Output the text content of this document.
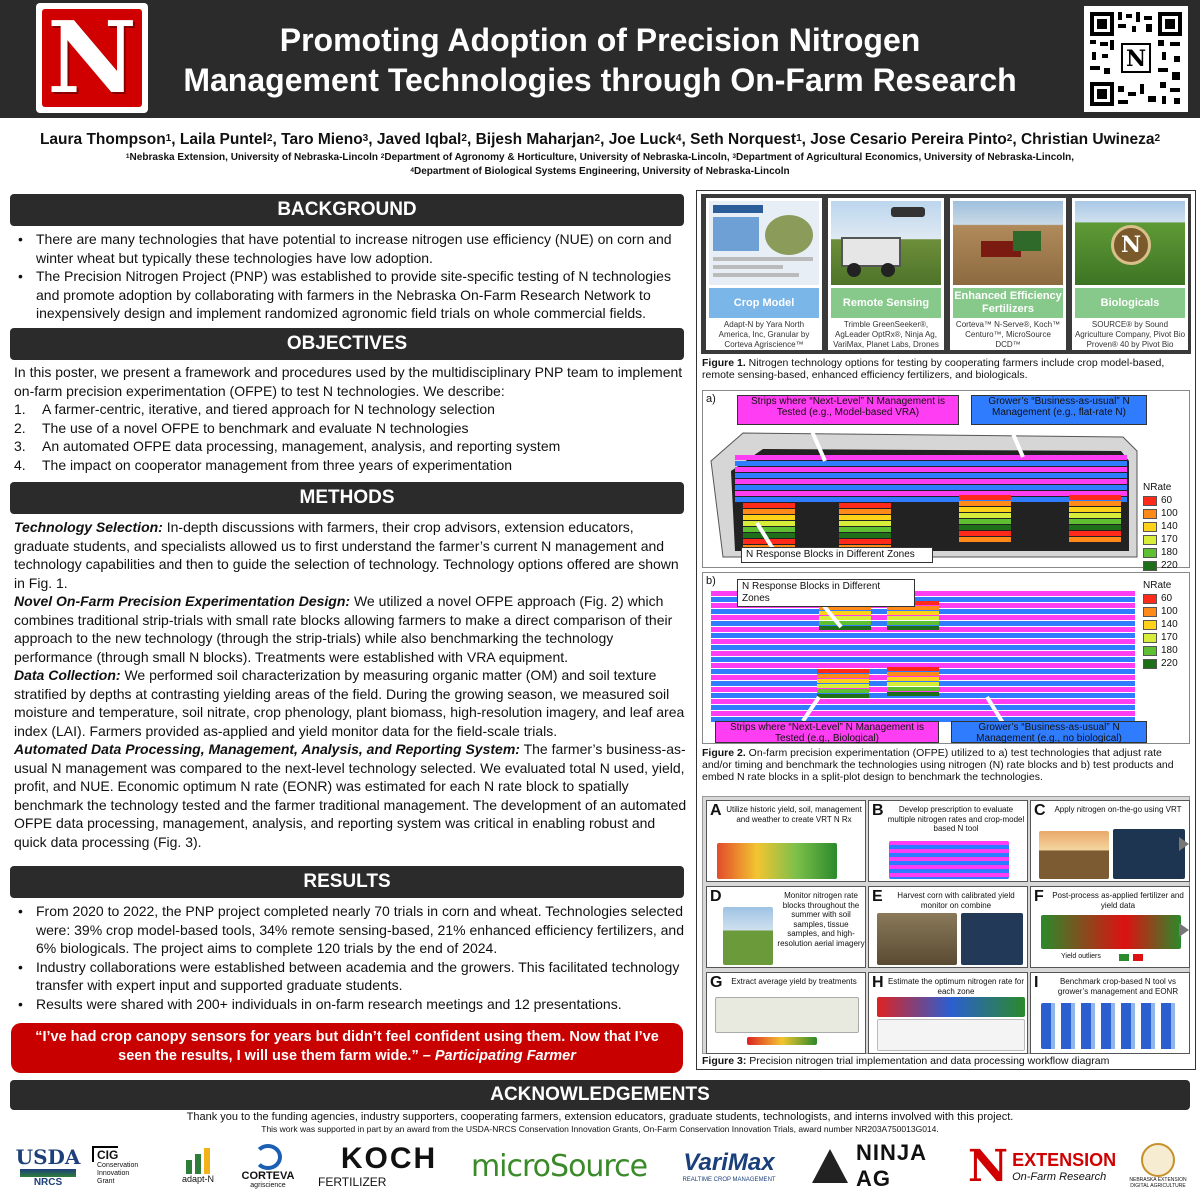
N	Promoting Adoption of Precision Nitrogen Management Technologies through On-Farm Research
N
Laura Thompson$^1$, Laila Puntel$^2$, Taro Mieno$^3$, Javed Iqbal$^2$, Bijesh Maharjan$^2$, Joe Luck$^4$, Seth Norquest$^1$, Jose Cesario Pereira Pinto$^2$, Christian Uwineza$^2$
$^1$Nebraska Extension, University of Nebraska-Lincoln $^2$Department of Agronomy & Horticulture, University of Nebraska-Lincoln, $^3$Department of Agricultural Economics, University of Nebraska-Lincoln,
$^4$Department of Biological Systems Engineering, University of Nebraska-Lincoln
BACKGROUND
• There are many technologies that have potential to increase nitrogen use efficiency (NUE) on corn and winter wheat but typically these technologies have low adoption.
• The Precision Nitrogen Project (PNP) was established to provide site-specific testing of N technologies and promote adoption by collaborating with farmers in the Nebraska On-Farm Research Network to inexpensively design and implement randomized agronomic field trials on whole commercial fields.
OBJECTIVES

In this poster, we present a framework and procedures used by the multidisciplinary PNP team to implement on-farm precision experimentation (OFPE) to test N technologies. We describe:

1. A farmer-centric, iterative, and tiered approach for N technology selection
2. The use of a novel OFPE to benchmark and evaluate N technologies
3. An automated OFPE data processing, management, analysis, and reporting system
4. The impact on cooperator management from three years of experimentation
METHODS

Technology Selection: In-depth discussions with farmers, their crop advisors, extension educators, graduate students, and specialists allowed us to first understand the farmer’s current N management and technology capabilities and then to guide the selection of technology. Technology options offered are shown in Fig. 1.

Novel On-Farm Precision Experimentation Design: We utilized a novel OFPE approach (Fig. 2) which combines traditional strip-trials with small rate blocks allowing farmers to make a direct comparison of their approach to the new technology (through the strip-trials) while also benchmarking the technology performance (through small N blocks). Treatments were established with VRA equipment.

Data Collection: We performed soil characterization by measuring organic matter (OM) and soil texture stratified by depths at contrasting yielding areas of the field. During the growing season, we measured soil moisture and temperature, soil nitrate, crop phenology, plant biomass, high-resolution imagery, and leaf area index (LAI). Farmers provided as-applied and yield monitor data for the field-scale trials.

Automated Data Processing, Management, Analysis, and Reporting System: The farmer’s business-as-usual N management was compared to the next-level technology selected. We evaluated total N used, yield, profit, and NUE. Economic optimum N rate (EONR) was estimated for each N rate block to spatially benchmark the technology tested and the farmer traditional management. The development of an automated OFPE data processing, management, analysis, and reporting system was critical in enabling robust and quick data processing (Fig. 3).

RESULTS
• From 2020 to 2022, the PNP project completed nearly 70 trials in corn and wheat. Technologies selected were: 39% crop model-based tools, 34% remote sensing-based, 21% enhanced efficiency fertilizers, and 6% biologicals. The project aims to complete 120 trials by the end of 2024.
• Industry collaborations were established between academia and the growers. This facilitated technology transfer with expert input and supported graduate students.
• Results were shared with 200+ individuals in on-farm research meetings and 12 presentations.
“I’ve had crop canopy sensors for years but didn’t feel confident using them. Now that I’ve seen the results, I will use them farm wide.” – Participating Farmer
Crop Model
Adapt-N by Yara North America, Inc, Granular by Corteva Agriscience™
Remote Sensing
Trimble GreenSeeker®, AgLeader OptRx®, Ninja Ag, VariMax, Planet Labs, Drones
Enhanced Efficiency Fertilizers
Corteva™ N-Serve®, Koch™ Centuro™, MicroSource DCD™
N
Biologicals
SOURCE® by Sound Agriculture Company, Pivot Bio Proven® 40 by Pivot Bio
Figure 1. Nitrogen technology options for testing by cooperating farmers include crop model-based, remote sensing-based, enhanced efficiency fertilizers, and biologicals.
a)	Strips where “Next-Level” N Management is Tested (e.g., Model-based VRA)
Grower’s “Business-as-usual” N Management (e.g., flat-rate N)
N Response Blocks in Different Zones
NRate
60
100
140
170
180
220
b)	N Response Blocks in Different Zones
Strips where “Next-Level” N Management is Tested (e.g., Biological)
Grower’s “Business-as-usual” N Management (e.g., no biological)
NRate
60
100
140
170
180
220
Figure 2. On-farm precision experimentation (OFPE) utilized to a) test technologies that adjust rate and/or timing and benchmark the technologies using nitrogen (N) rate blocks and b) test products and embed N rate blocks in a split-plot design to benchmark the technologies.
A Utilize historic yield, soil, management and weather to create VRT N Rx	B	Develop prescription to evaluate multiple nitrogen rates and crop-model based N tool
C	Apply nitrogen on-the-go using VRT
D	Monitor nitrogen rate blocks throughout the summer with soil samples, tissue samples, and high-resolution aerial imagery
E	Harvest corn with calibrated yield monitor on combine	F	Post-process as-applied fertilizer and yield data
Yield outliers
G	Extract average yield by treatments H Estimate the optimum nitrogen rate for each zone	I	Benchmark crop-based N tool vs grower’s management and EONR
Figure 3: Precision nitrogen trial implementation and data processing workflow diagram
ACKNOWLEDGEMENTS
Thank you to the funding agencies, industry supporters, cooperating farmers, extension educators, graduate students, technologists, and interns involved with this project.
This work was supported in part by an award from the USDA-NRCS Conservation Innovation Grants, On-Farm Conservation Innovation Trials, award number NR203A750013G014.
USDA
NRCS
CIG
Conservation Innovation Grant	adapt-N	CORTEVA
agriscience
KOCH
FERTILIZER	microSource VariMax
REALTIME CROP MANAGEMENT
NINJA AG	N EXTENSION
On-Farm Research	NEBRASKA EXTENSION DIGITAL AGRICULTURE
